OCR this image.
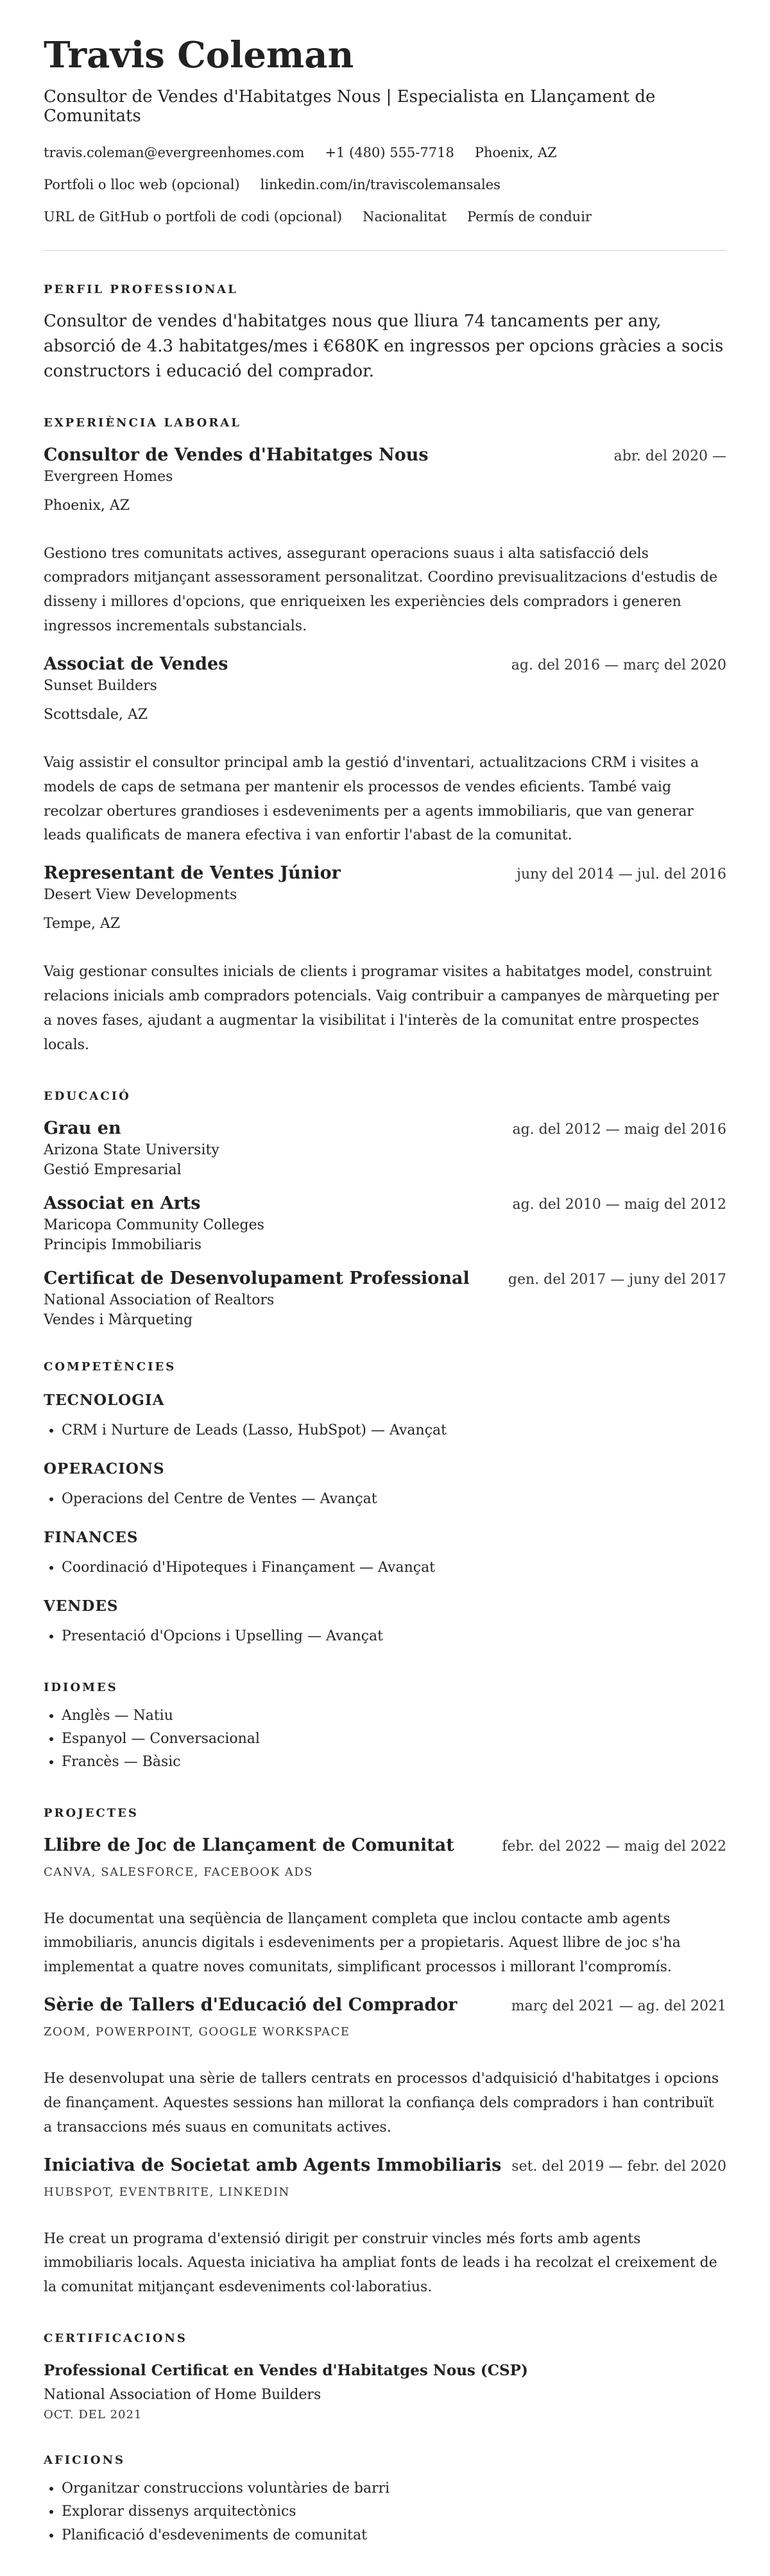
Travis Coleman
Consultor de Vendes d'Habitatges Nous | Especialista en Llançament de Comunitats
travis.coleman@evergreenhomes.com +1 (480) 555-7718 Phoenix, AZ
Portfoli o lloc web (opcional) linkedin.com/in/traviscolemansales
URL de GitHub o portfoli de codi (opcional) Nacionalitat Permís de conduir
PERFIL PROFESSIONAL
Consultor de vendes d'habitatges nous que lliura 74 tancaments per any, absorció de 4.3 habitatges/mes i €680K en ingressos per opcions gràcies a socis constructors i educació del comprador.
EXPERIÈNCIA LABORAL
Consultor de Vendes d'Habitatges Nous	abr. del 2020 —
Evergreen Homes
Phoenix, AZ
Gestiono tres comunitats actives, assegurant operacions suaus i alta satisfacció dels compradors mitjançant assessorament personalitzat. Coordino previsualitzacions d'estudis de disseny i millores d'opcions, que enriqueixen les experiències dels compradors i generen ingressos incrementals substancials.
Associat de Vendes	ag. del 2016 — març del 2020
Sunset Builders
Scottsdale, AZ
Vaig assistir el consultor principal amb la gestió d'inventari, actualitzacions CRM i visites a models de caps de setmana per mantenir els processos de vendes eficients. També vaig recolzar obertures grandioses i esdeveniments per a agents immobiliaris, que van generar leads qualificats de manera efectiva i van enfortir l'abast de la comunitat.
Representant de Ventes Júnior	juny del 2014 — jul. del 2016
Desert View Developments
Tempe, AZ
Vaig gestionar consultes inicials de clients i programar visites a habitatges model, construint relacions inicials amb compradors potencials. Vaig contribuir a campanyes de màrqueting per a noves fases, ajudant a augmentar la visibilitat i l'interès de la comunitat entre prospectes locals.
EDUCACIÓ
Grau en	ag. del 2012 — maig del 2016
Arizona State University
Gestió Empresarial
Associat en Arts	ag. del 2010 — maig del 2012
Maricopa Community Colleges
Principis Immobiliaris
Certificat de Desenvolupament Professional	gen. del 2017 — juny del 2017
National Association of Realtors
Vendes i Màrqueting
COMPETÈNCIES
TECNOLOGIA
• CRM i Nurture de Leads (Lasso, HubSpot) — Avançat
OPERACIONS
• Operacions del Centre de Ventes — Avançat
FINANCES
• Coordinació d'Hipoteques i Finançament — Avançat
VENDES
• Presentació d'Opcions i Upselling — Avançat
IDIOMES
• Anglès — Natiu
• Espanyol — Conversacional
• Francès — Bàsic
PROJECTES
Llibre de Joc de Llançament de Comunitat	febr. del 2022 — maig del 2022
CANVA, SALESFORCE, FACEBOOK ADS
He documentat una seqüència de llançament completa que inclou contacte amb agents immobiliaris, anuncis digitals i esdeveniments per a propietaris. Aquest llibre de joc s'ha implementat a quatre noves comunitats, simplificant processos i millorant l'compromís.
Sèrie de Tallers d'Educació del Comprador	març del 2021 — ag. del 2021
ZOOM, POWERPOINT, GOOGLE WORKSPACE
He desenvolupat una sèrie de tallers centrats en processos d'adquisició d'habitatges i opcions de finançament. Aquestes sessions han millorat la confiança dels compradors i han contribuït a transaccions més suaus en comunitats actives.
Iniciativa de Societat amb Agents Immobiliaris set. del 2019 — febr. del 2020
HUBSPOT, EVENTBRITE, LINKEDIN
He creat un programa d'extensió dirigit per construir vincles més forts amb agents immobiliaris locals. Aquesta iniciativa ha ampliat fonts de leads i ha recolzat el creixement de la comunitat mitjançant esdeveniments col·laboratius.
CERTIFICACIONS
Professional Certificat en Vendes d'Habitatges Nous (CSP)
National Association of Home Builders
OCT. DEL 2021
AFICIONS
• Organitzar construccions voluntàries de barri
• Explorar dissenys arquitectònics
• Planificació d'esdeveniments de comunitat
